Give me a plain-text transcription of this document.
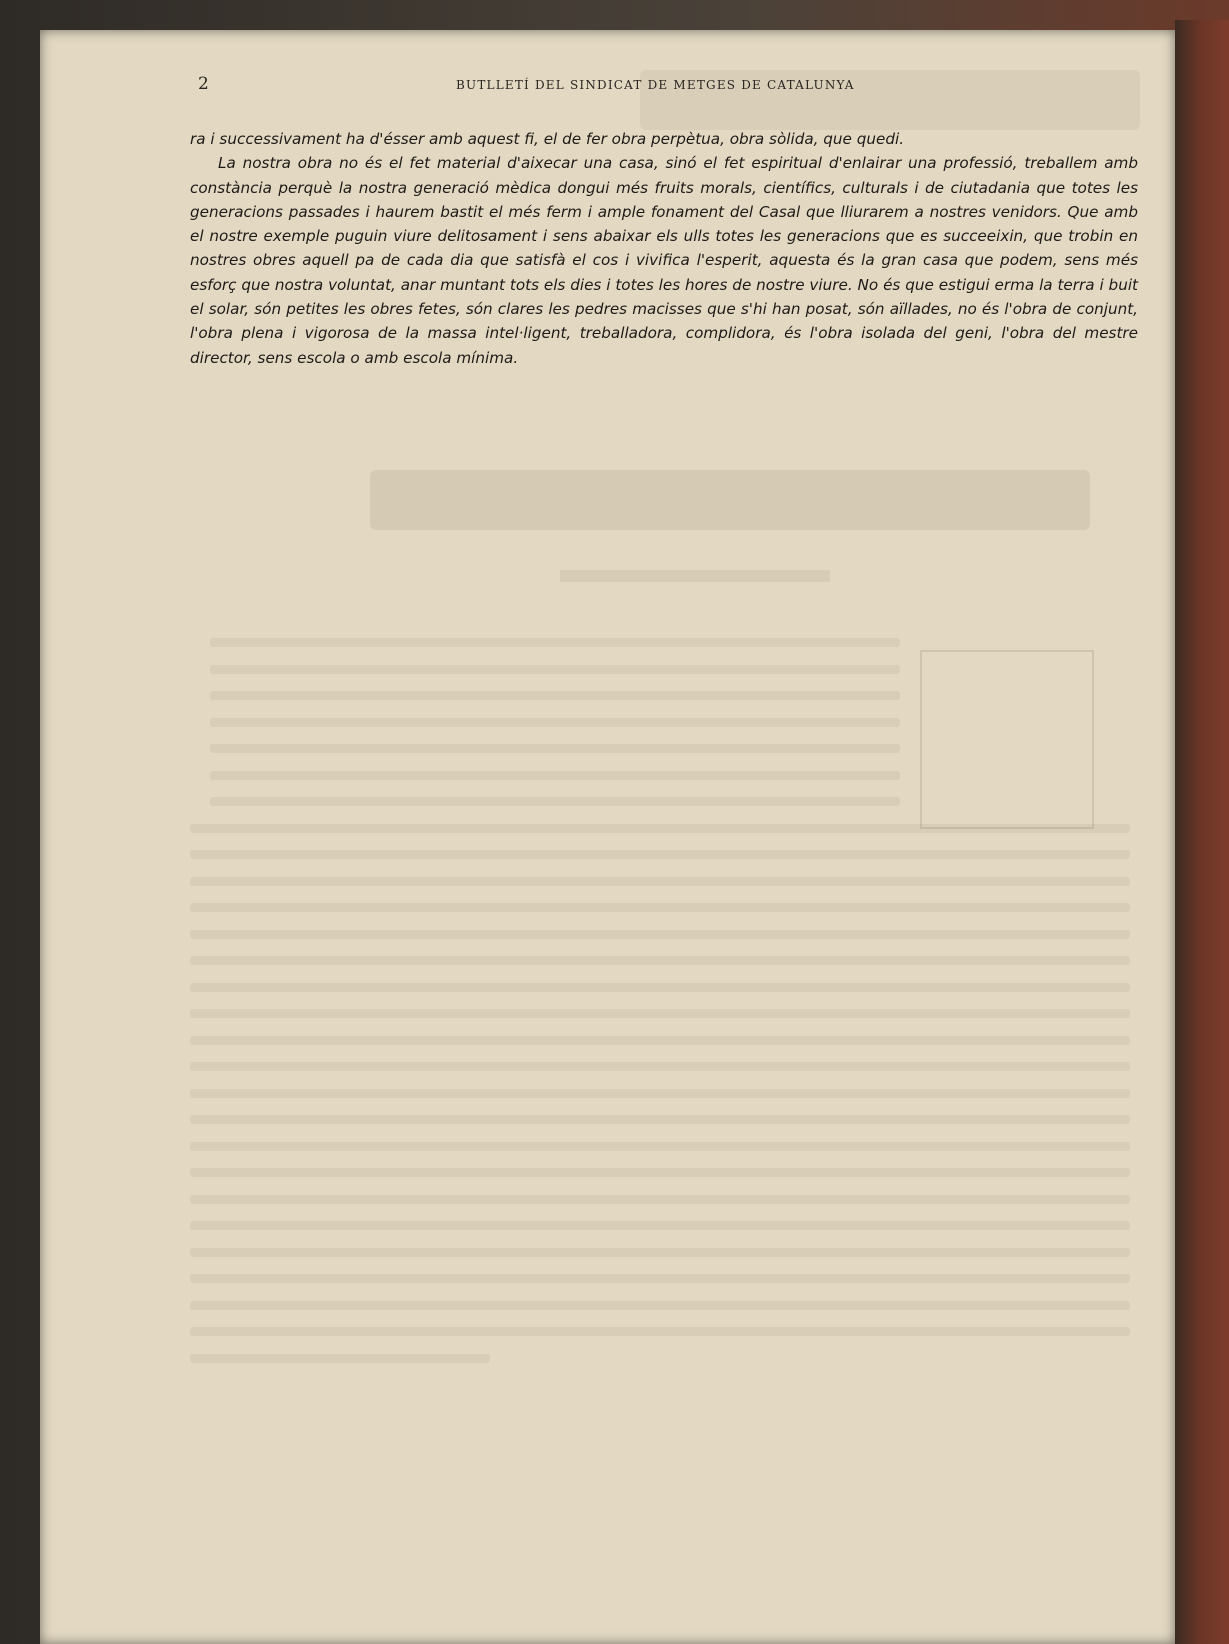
2	BUTLLETÍ DEL SINDICAT DE METGES DE CATALUNYA

ra i successivament ha d'ésser amb aquest fi, el de fer obra perpètua, obra sòlida, que quedi.

La nostra obra no és el fet material d'aixecar una casa, sinó el fet espiritual d'enlairar una professió, treballem amb constància perquè la nostra generació mèdica dongui més fruits morals, científics, culturals i de ciutadania que totes les generacions passades i haurem bastit el més ferm i ample fonament del Casal que lliurarem a nostres venidors. Que amb el nostre exemple puguin viure delitosament i sens abaixar els ulls totes les generacions que es succeeixin, que trobin en nostres obres aquell pa de cada dia que satisfà el cos i vivifica l'esperit, aquesta és la gran casa que podem, sens més esforç que nostra voluntat, anar muntant tots els dies i totes les hores de nostre viure. No és que estigui erma la terra i buit el solar, són petites les obres fetes, són clares les pedres macisses que s'hi han posat, són aïllades, no és l'obra de conjunt, l'obra plena i vigorosa de la massa intel·ligent, treballadora, complidora, és l'obra isolada del geni, l'obra del mestre director, sens escola o amb escola mínima.
